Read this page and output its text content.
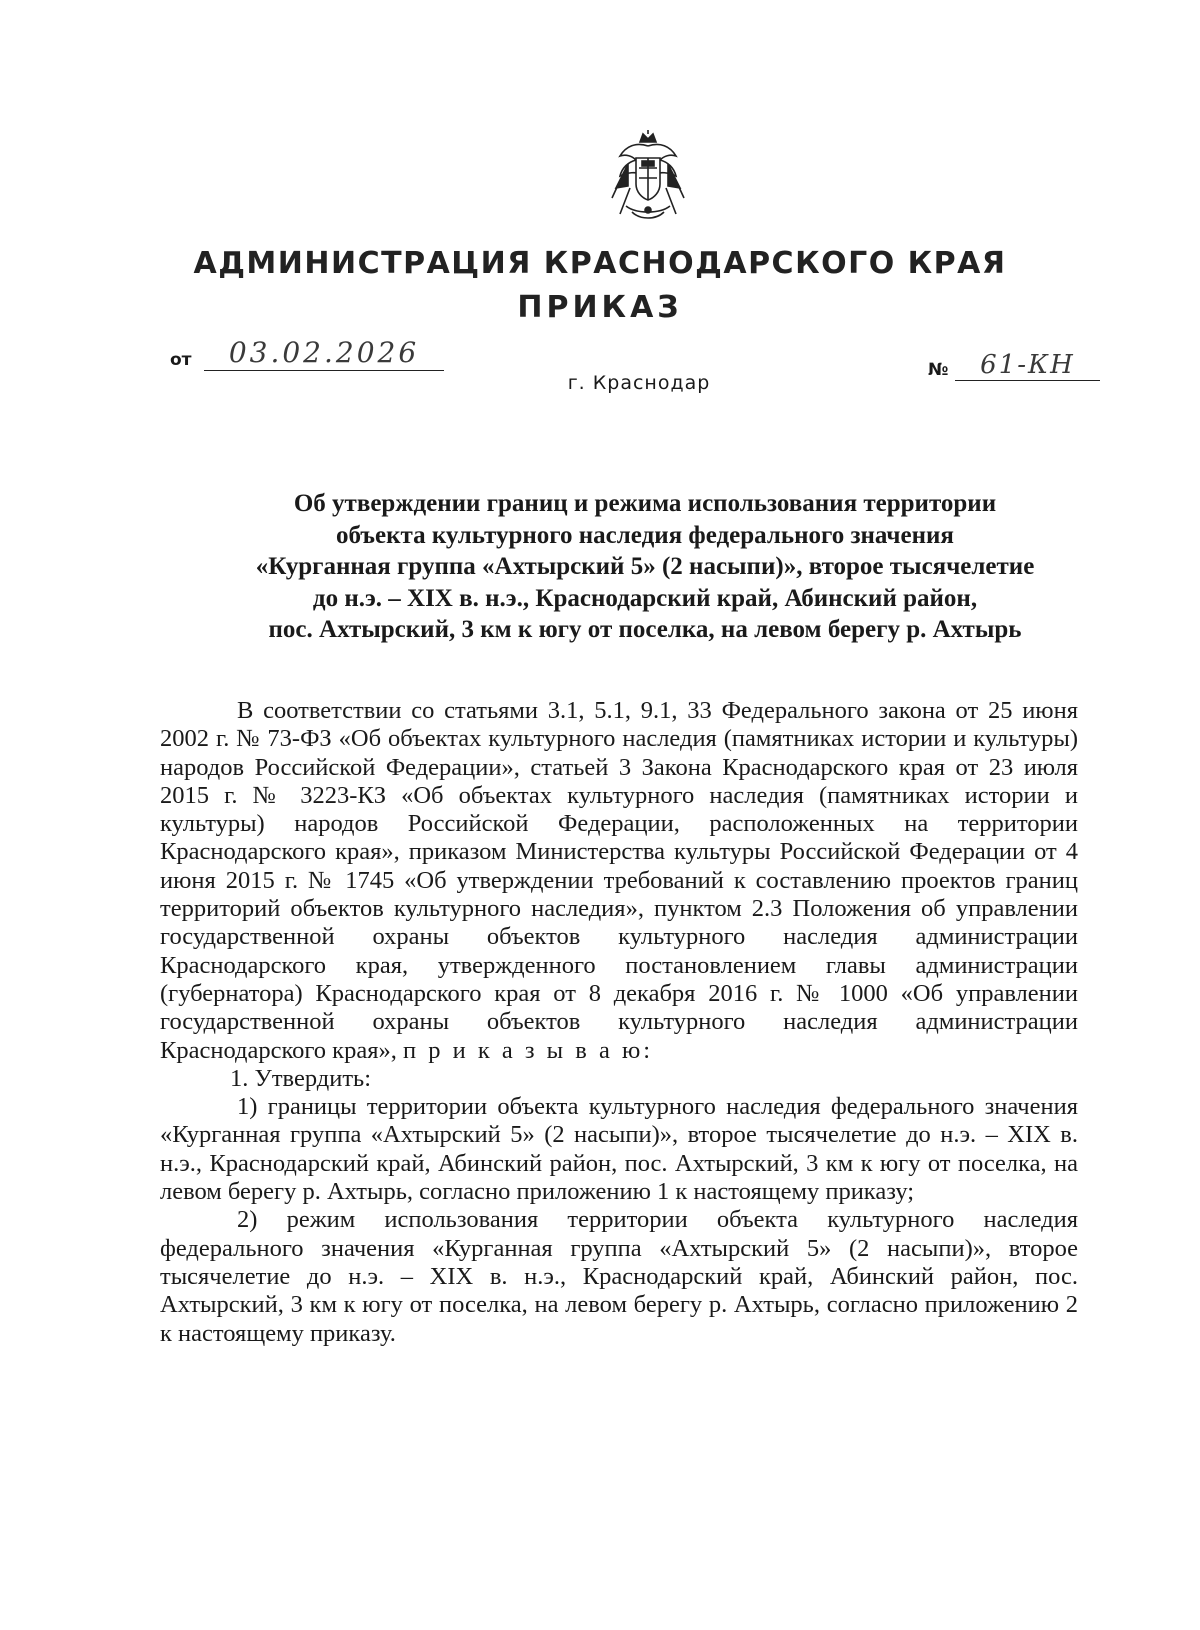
АДМИНИСТРАЦИЯ КРАСНОДАРСКОГО КРАЯ
ПРИКАЗ
от	03.02.2026
г. Краснодар
№	61-КН
Об утверждении границ и режима использования территории
объекта культурного наследия федерального значения
«Курганная группа «Ахтырский 5» (2 насыпи)», второе тысячелетие
до н.э. – XIX в. н.э., Краснодарский край, Абинский район,
пос. Ахтырский, 3 км к югу от поселка, на левом берегу р. Ахтырь

В соответствии со статьями 3.1, 5.1, 9.1, 33 Федерального закона от 25 июня 2002 г. № 73-ФЗ «Об объектах культурного наследия (памятниках истории и культуры) народов Российской Федерации», статьей 3 Закона Краснодарского края от 23 июля 2015 г. № 3223-КЗ «Об объектах культурного наследия (памятниках истории и культуры) народов Российской Федерации, расположенных на территории Краснодарского края», приказом Министерства культуры Российской Федерации от 4 июня 2015 г. № 1745 «Об утверждении требований к составлению проектов границ территорий объектов культурного наследия», пунктом 2.3 Положения об управлении государственной охраны объектов культурного наследия администрации Краснодарского края, утвержденного постановлением главы администрации (губернатора) Краснодарского края от 8 декабря 2016 г. № 1000 «Об управлении государственной охраны объектов культурного наследия администрации Краснодарского края», п р и к а з ы в а ю:

1. Утвердить:

1) границы территории объекта культурного наследия федерального значения «Курганная группа «Ахтырский 5» (2 насыпи)», второе тысячелетие до н.э. – XIX в. н.э., Краснодарский край, Абинский район, пос. Ахтырский, 3 км к югу от поселка, на левом берегу р. Ахтырь, согласно приложению 1 к настоящему приказу;

2) режим использования территории объекта культурного наследия федерального значения «Курганная группа «Ахтырский 5» (2 насыпи)», второе тысячелетие до н.э. – XIX в. н.э., Краснодарский край, Абинский район, пос. Ахтырский, 3 км к югу от поселка, на левом берегу р. Ахтырь, согласно приложению 2 к настоящему приказу.
